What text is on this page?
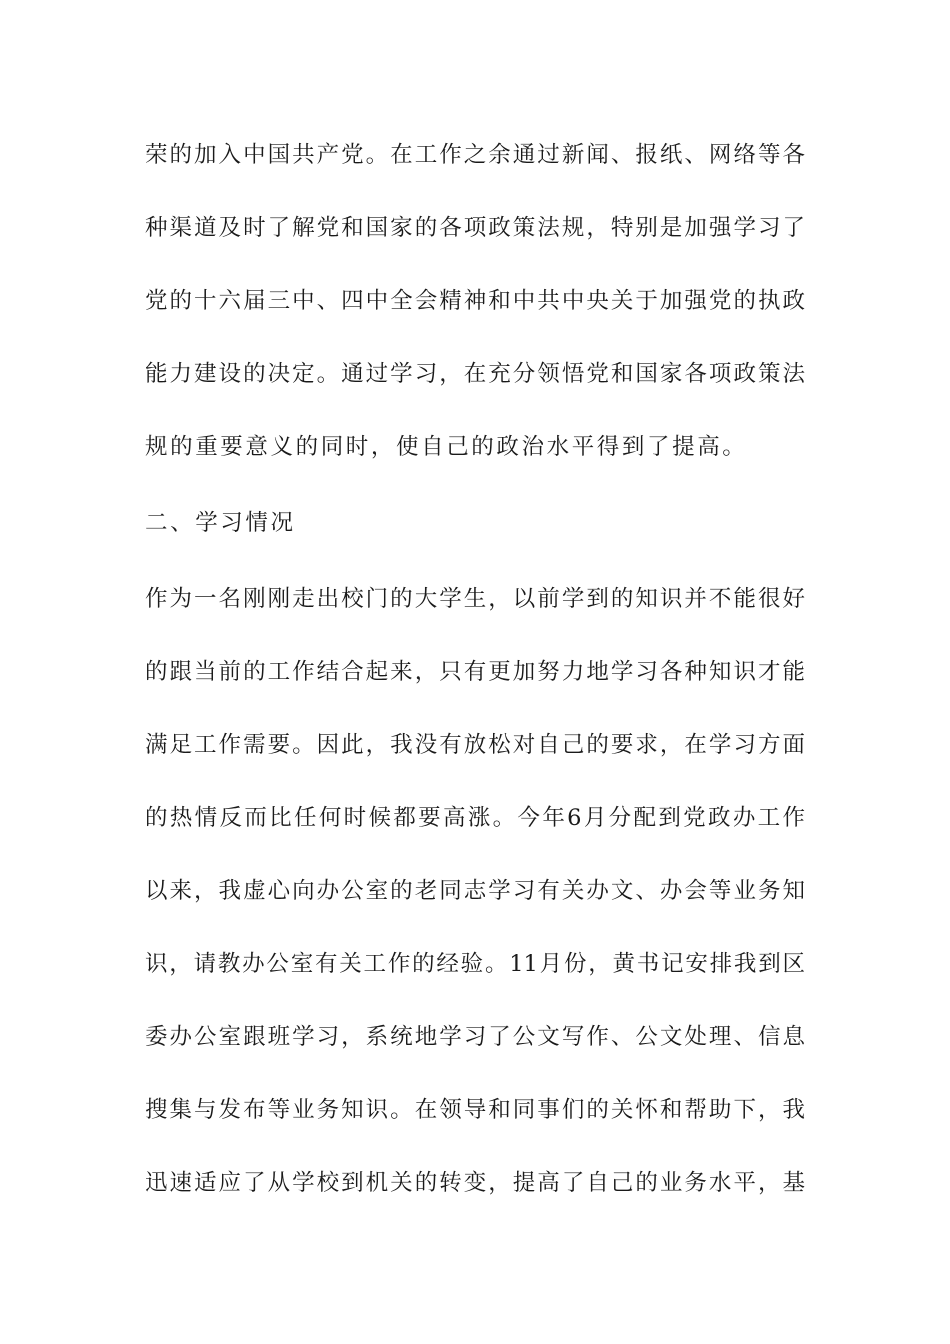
荣的加入中国共产党。在工作之余通过新闻、报纸、网络等各
种渠道及时了解党和国家的各项政策法规，特别是加强学习了
党的十六届三中、四中全会精神和中共中央关于加强党的执政
能力建设的决定。通过学习，在充分领悟党和国家各项政策法
规的重要意义的同时，使自己的政治水平得到了提高。
二、学习情况
作为一名刚刚走出校门的大学生，以前学到的知识并不能很好
的跟当前的工作结合起来，只有更加努力地学习各种知识才能
满足工作需要。因此，我没有放松对自己的要求，在学习方面
的热情反而比任何时候都要高涨。今年6月分配到党政办工作
以来，我虚心向办公室的老同志学习有关办文、办会等业务知
识，请教办公室有关工作的经验。11月份，黄书记安排我到区
委办公室跟班学习，系统地学习了公文写作、公文处理、信息
搜集与发布等业务知识。在领导和同事们的关怀和帮助下，我
迅速适应了从学校到机关的转变，提高了自己的业务水平，基
